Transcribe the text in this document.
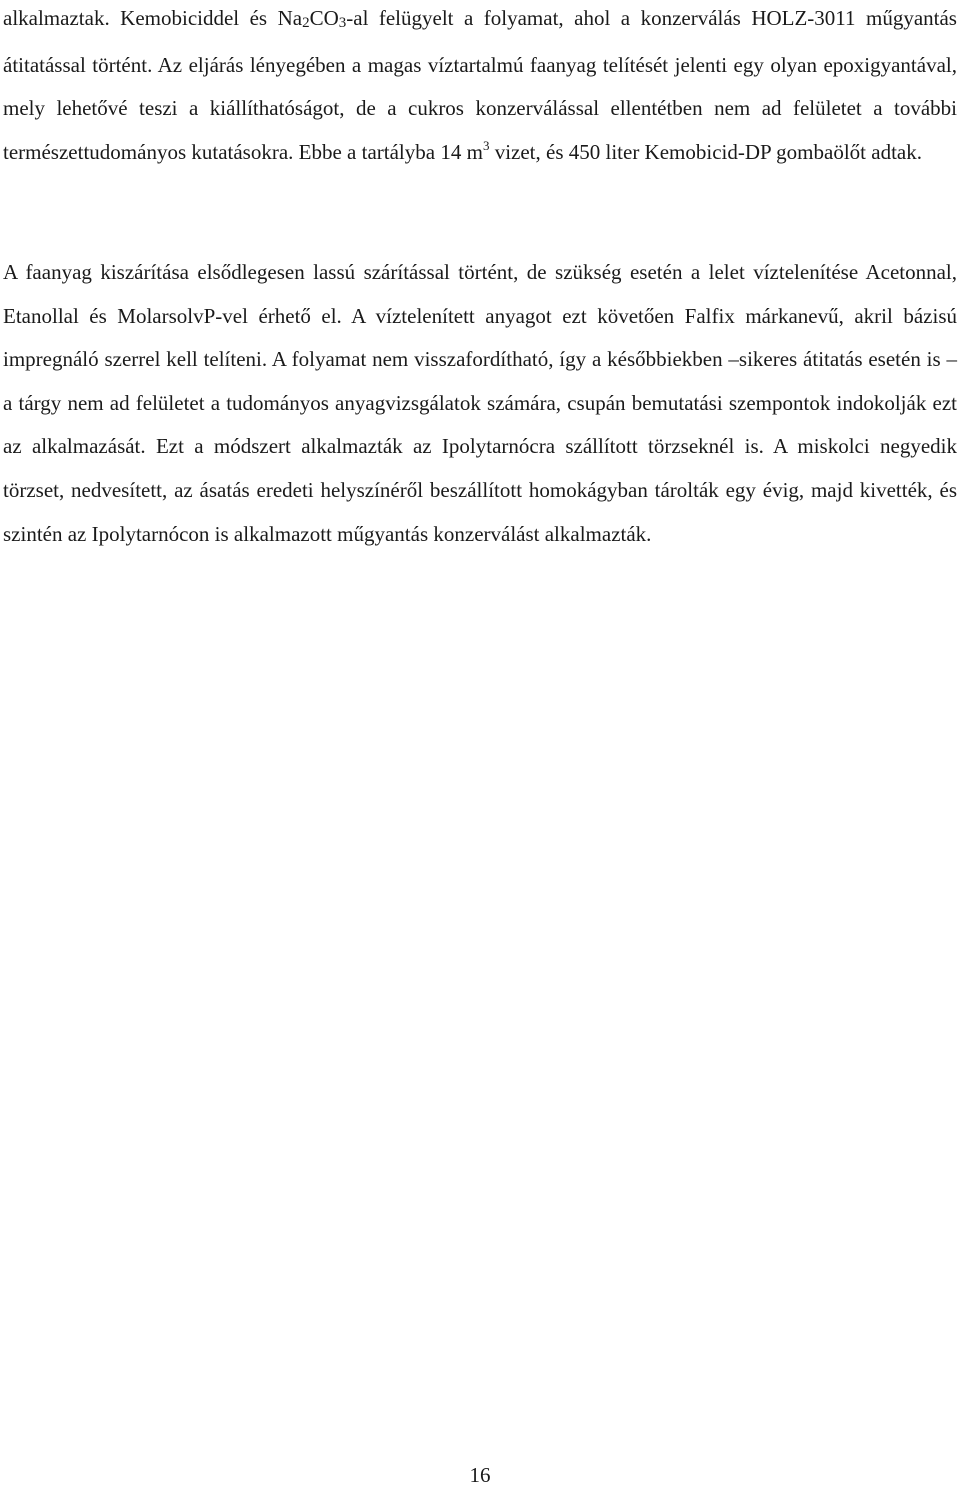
alkalmaztak. Kemobiciddel és $Na_2CO_3-al$ felügyelt a folyamat, ahol a konzerválás HOLZ-3011 műgyantás átitatással történt. Az eljárás lényegében a magas víztartalmú faanyag telítését jelenti egy olyan epoxigyantával, mely lehetővé teszi a kiállíthatóságot, de a cukros konzerválással ellentétben nem ad felületet a további természettudományos kutatásokra. Ebbe a tartályba 14 $m^3$ vizet, és 450 liter Kemobicid-DP gombaölőt adtak.

A faanyag kiszárítása elsődlegesen lassú szárítással történt, de szükség esetén a lelet víztelenítése Acetonnal, Etanollal és MolarsolvP-vel érhető el. A víztelenített anyagot ezt követően Falfix márkanevű, akril bázisú impregnáló szerrel kell telíteni. A folyamat nem visszafordítható, így a későbbiekben –sikeres átitatás esetén is – a tárgy nem ad felületet a tudományos anyagvizsgálatok számára, csupán bemutatási szempontok indokolják ezt az alkalmazását. Ezt a módszert alkalmazták az Ipolytarnócra szállított törzseknél is. A miskolci negyedik törzset, nedvesített, az ásatás eredeti helyszínéről beszállított homokágyban tárolták egy évig, majd kivették, és szintén az Ipolytarnócon is alkalmazott műgyantás konzerválást alkalmazták.

16
